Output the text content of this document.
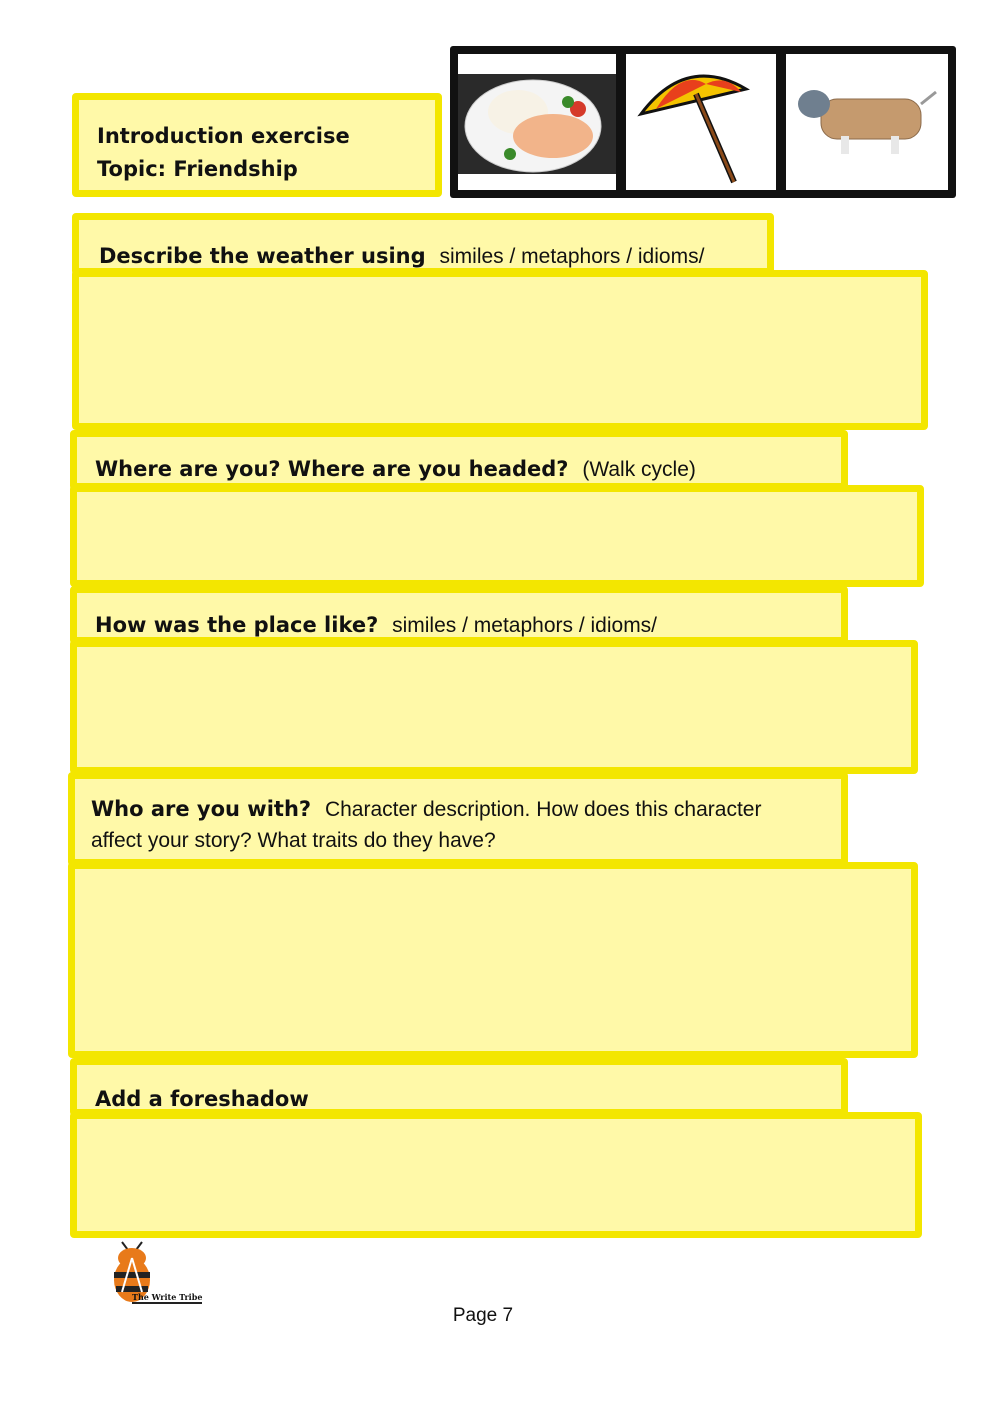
Introduction exercise
Topic: Friendship
Describe the weather using similes / metaphors / idioms/
Where are you? Where are you headed? (Walk cycle)
How was the place like? similes / metaphors / idioms/
Who are you with? Character description. How does this character
affect your story? What traits do they have?
Add a foreshadow
The Write Tribe
Page 7
